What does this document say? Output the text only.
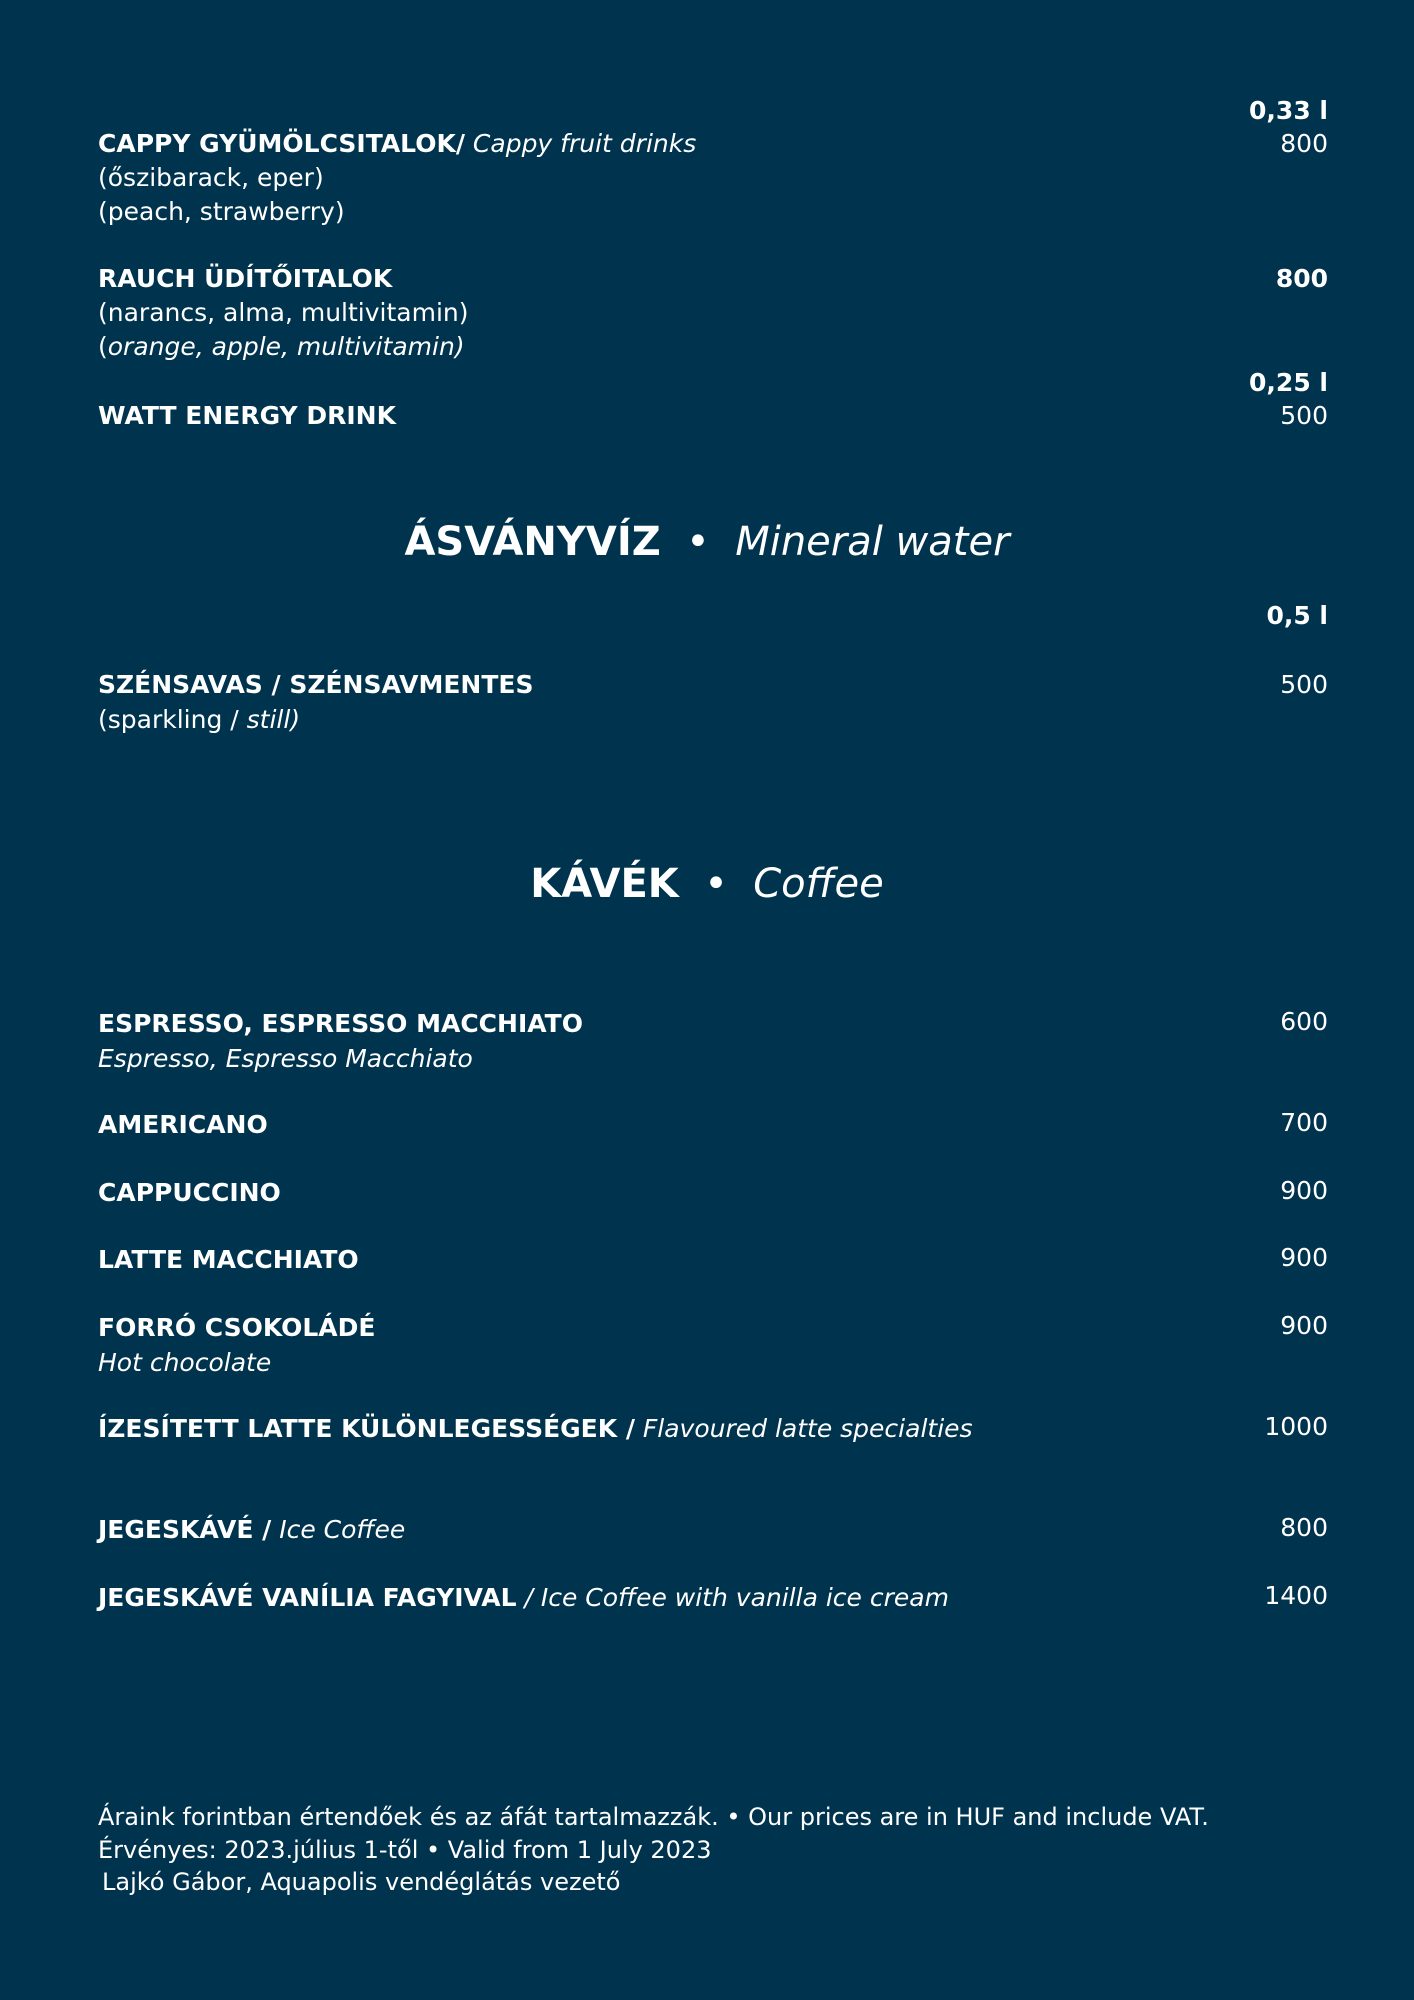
0,33 l
CAPPY GYÜMÖLCSITALOK/ Cappy fruit drinks	800
(őszibarack, eper)
(peach, strawberry)
RAUCH ÜDÍTŐITALOK	800
(narancs, alma, multivitamin)
(orange, apple, multivitamin)
0,25 l
WATT ENERGY DRINK	500
ÁSVÁNYVÍZ • Mineral water
0,5 l
SZÉNSAVAS / SZÉNSAVMENTES	500
(sparkling / still)
KÁVÉK • Coffee
ESPRESSO, ESPRESSO MACCHIATO	600
Espresso, Espresso Macchiato
AMERICANO	700
CAPPUCCINO	900
LATTE MACCHIATO	900
FORRÓ CSOKOLÁDÉ	900
Hot chocolate
ÍZESÍTETT LATTE KÜLÖNLEGESSÉGEK / Flavoured latte specialties	1000
JEGESKÁVÉ / Ice Coffee	800
JEGESKÁVÉ VANÍLIA FAGYIVAL / Ice Coffee with vanilla ice cream	1400
Áraink forintban értendőek és az áfát tartalmazzák. • Our prices are in HUF and include VAT.
Érvényes: 2023.július 1-től • Valid from 1 July 2023
Lajkó Gábor, Aquapolis vendéglátás vezető
